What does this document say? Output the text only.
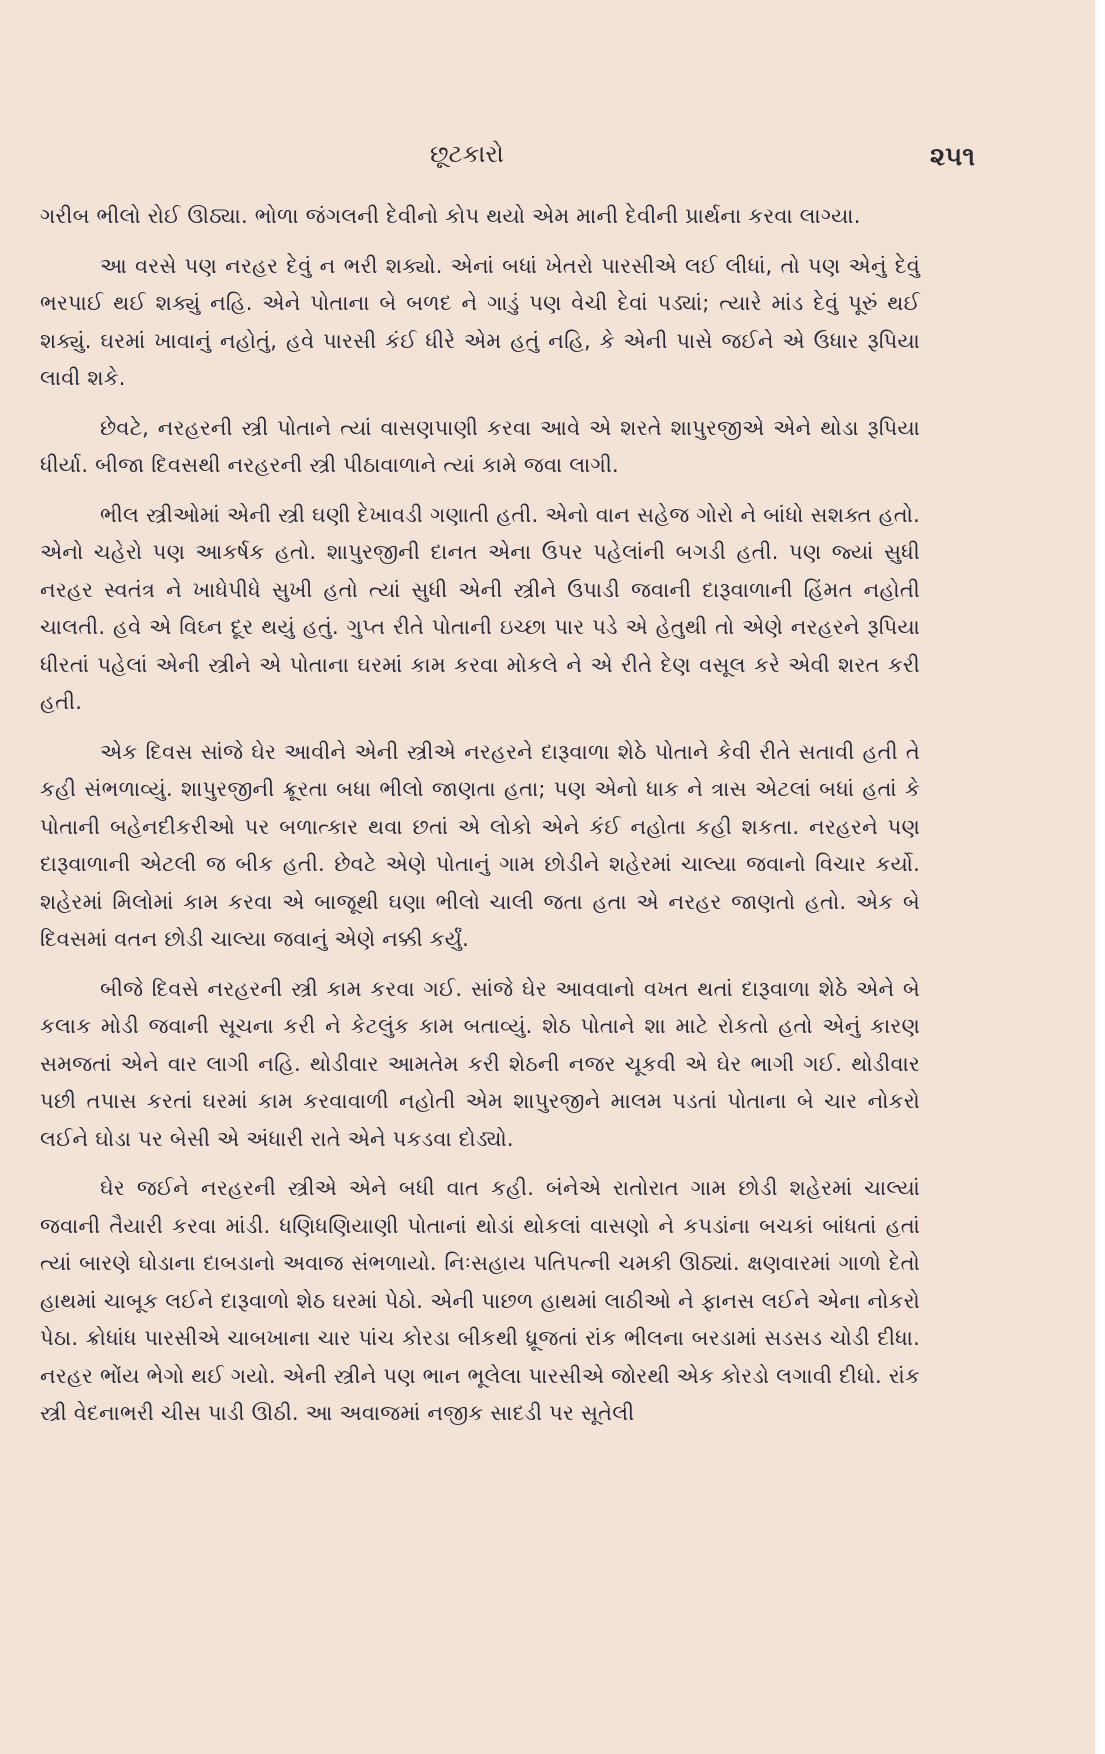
છૂટકારો	૨૫૧

ગરીબ ભીલો રોઈ ઊઠ્યા. ભોળા જંગલની દેવીનો કોપ થયો એમ માની દેવીની પ્રાર્થના કરવા લાગ્યા.

આ વરસે પણ નરહર દેવું ન ભરી શક્યો. એનાં બધાં ખેતરો પારસીએ લઈ લીધાં, તો પણ એનું દેવું ભરપાઈ થઈ શક્યું નહિ. એને પોતાના બે બળદ ને ગાડું પણ વેચી દેવાં પડ્યાં; ત્યારે માંડ દેવું પૂરું થઈ શક્યું. ઘરમાં ખાવાનું નહોતું, હવે પારસી કંઈ ધીરે એમ હતું નહિ, કે એની પાસે જઈને એ ઉધાર રૂપિયા લાવી શકે.

છેવટે, નરહરની સ્ત્રી પોતાને ત્યાં વાસણપાણી કરવા આવે એ શરતે શાપુરજીએ એને થોડા રૂપિયા ધીર્યા. બીજા દિવસથી નરહરની સ્ત્રી પીઠાવાળાને ત્યાં કામે જવા લાગી.

ભીલ સ્ત્રીઓમાં એની સ્ત્રી ઘણી દેખાવડી ગણાતી હતી. એનો વાન સહેજ ગોરો ને બાંધો સશક્ત હતો. એનો ચહેરો પણ આકર્ષક હતો. શાપુરજીની દાનત એના ઉપર પહેલાંની બગડી હતી. પણ જ્યાં સુધી નરહર સ્વતંત્ર ને ખાધેપીધે સુખી હતો ત્યાં સુધી એની સ્ત્રીને ઉપાડી જવાની દારૂવાળાની હિંમત નહોતી ચાલતી. હવે એ વિઘ્ન દૂર થયું હતું. ગુપ્ત રીતે પોતાની ઇચ્છા પાર પડે એ હેતુથી તો એણે નરહરને રૂપિયા ધીરતાં પહેલાં એની સ્ત્રીને એ પોતાના ઘરમાં કામ કરવા મોકલે ને એ રીતે દેણ વસૂલ કરે એવી શરત કરી હતી.

એક દિવસ સાંજે ઘેર આવીને એની સ્ત્રીએ નરહરને દારૂવાળા શેઠે પોતાને કેવી રીતે સતાવી હતી તે કહી સંભળાવ્યું. શાપુરજીની ક્રૂરતા બધા ભીલો જાણતા હતા; પણ એનો ધાક ને ત્રાસ એટલાં બધાં હતાં કે પોતાની બહેનદીકરીઓ પર બળાત્કાર થવા છતાં એ લોકો એને કંઈ નહોતા કહી શકતા. નરહરને પણ દારૂવાળાની એટલી જ બીક હતી. છેવટે એણે પોતાનું ગામ છોડીને શહેરમાં ચાલ્યા જવાનો વિચાર કર્યો. શહેરમાં મિલોમાં કામ કરવા એ બાજૂથી ઘણા ભીલો ચાલી જતા હતા એ નરહર જાણતો હતો. એક બે દિવસમાં વતન છોડી ચાલ્યા જવાનું એણે નક્કી કર્યું.

બીજે દિવસે નરહરની સ્ત્રી કામ કરવા ગઈ. સાંજે ઘેર આવવાનો વખત થતાં દારૂવાળા શેઠે એને બે કલાક મોડી જવાની સૂચના કરી ને કેટલુંક કામ બતાવ્યું. શેઠ પોતાને શા માટે રોકતો હતો એનું કારણ સમજતાં એને વાર લાગી નહિ. થોડીવાર આમતેમ કરી શેઠની નજર ચૂકવી એ ઘેર ભાગી ગઈ. થોડીવાર પછી તપાસ કરતાં ઘરમાં કામ કરવાવાળી નહોતી એમ શાપુરજીને માલમ પડતાં પોતાના બે ચાર નોકરો લઈને ઘોડા પર બેસી એ અંધારી રાતે એને પકડવા દોડ્યો.

ઘેર જઈને નરહરની સ્ત્રીએ એને બધી વાત કહી. બંનેએ રાતોરાત ગામ છોડી શહેરમાં ચાલ્યાં જવાની તૈયારી કરવા માંડી. ધણિધણિયાણી પોતાનાં થોડાં થોકલાં વાસણો ને કપડાંના બચકાં બાંધતાં હતાં ત્યાં બારણે ઘોડાના દાબડાનો અવાજ સંભળાયો. નિઃસહાય પતિપત્ની ચમકી ઊઠ્યાં. ક્ષણવારમાં ગાળો દેતો હાથમાં ચાબૂક લઈને દારૂવાળો શેઠ ઘરમાં પેઠો. એની પાછળ હાથમાં લાઠીઓ ને ફાનસ લઈને એના નોકરો પેઠા. ક્રોધાંધ પારસીએ ચાબખાના ચાર પાંચ કોરડા બીકથી ધ્રૂજતાં રાંક ભીલના બરડામાં સડસડ ચોડી દીધા. નરહર ભોંય ભેગો થઈ ગયો. એની સ્ત્રીને પણ ભાન ભૂલેલા પારસીએ જોરથી એક કોરડો લગાવી દીધો. રાંક સ્ત્રી વેદનાભરી ચીસ પાડી ઊઠી. આ અવાજમાં નજીક સાદડી પર સૂતેલી
